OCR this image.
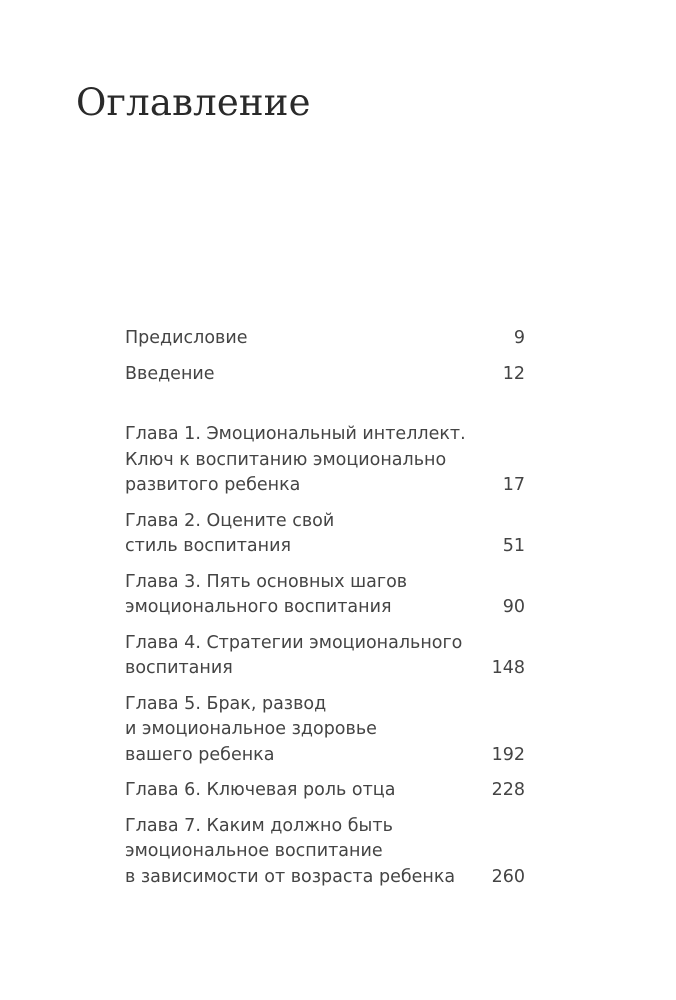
Оглавление
Предисловие	9
Введение	12
Глава 1. Эмоциональный интеллект.
Ключ к воспитанию эмоционально
развитого ребенка	17
Глава 2. Оцените свой
стиль воспитания	51
Глава 3. Пять основных шагов
эмоционального воспитания	90
Глава 4. Стратегии эмоционального
воспитания	148
Глава 5. Брак, развод
и эмоциональное здоровье
вашего ребенка	192
Глава 6. Ключевая роль отца	228
Глава 7. Каким должно быть
эмоциональное воспитание
в зависимости от возраста ребенка 260
